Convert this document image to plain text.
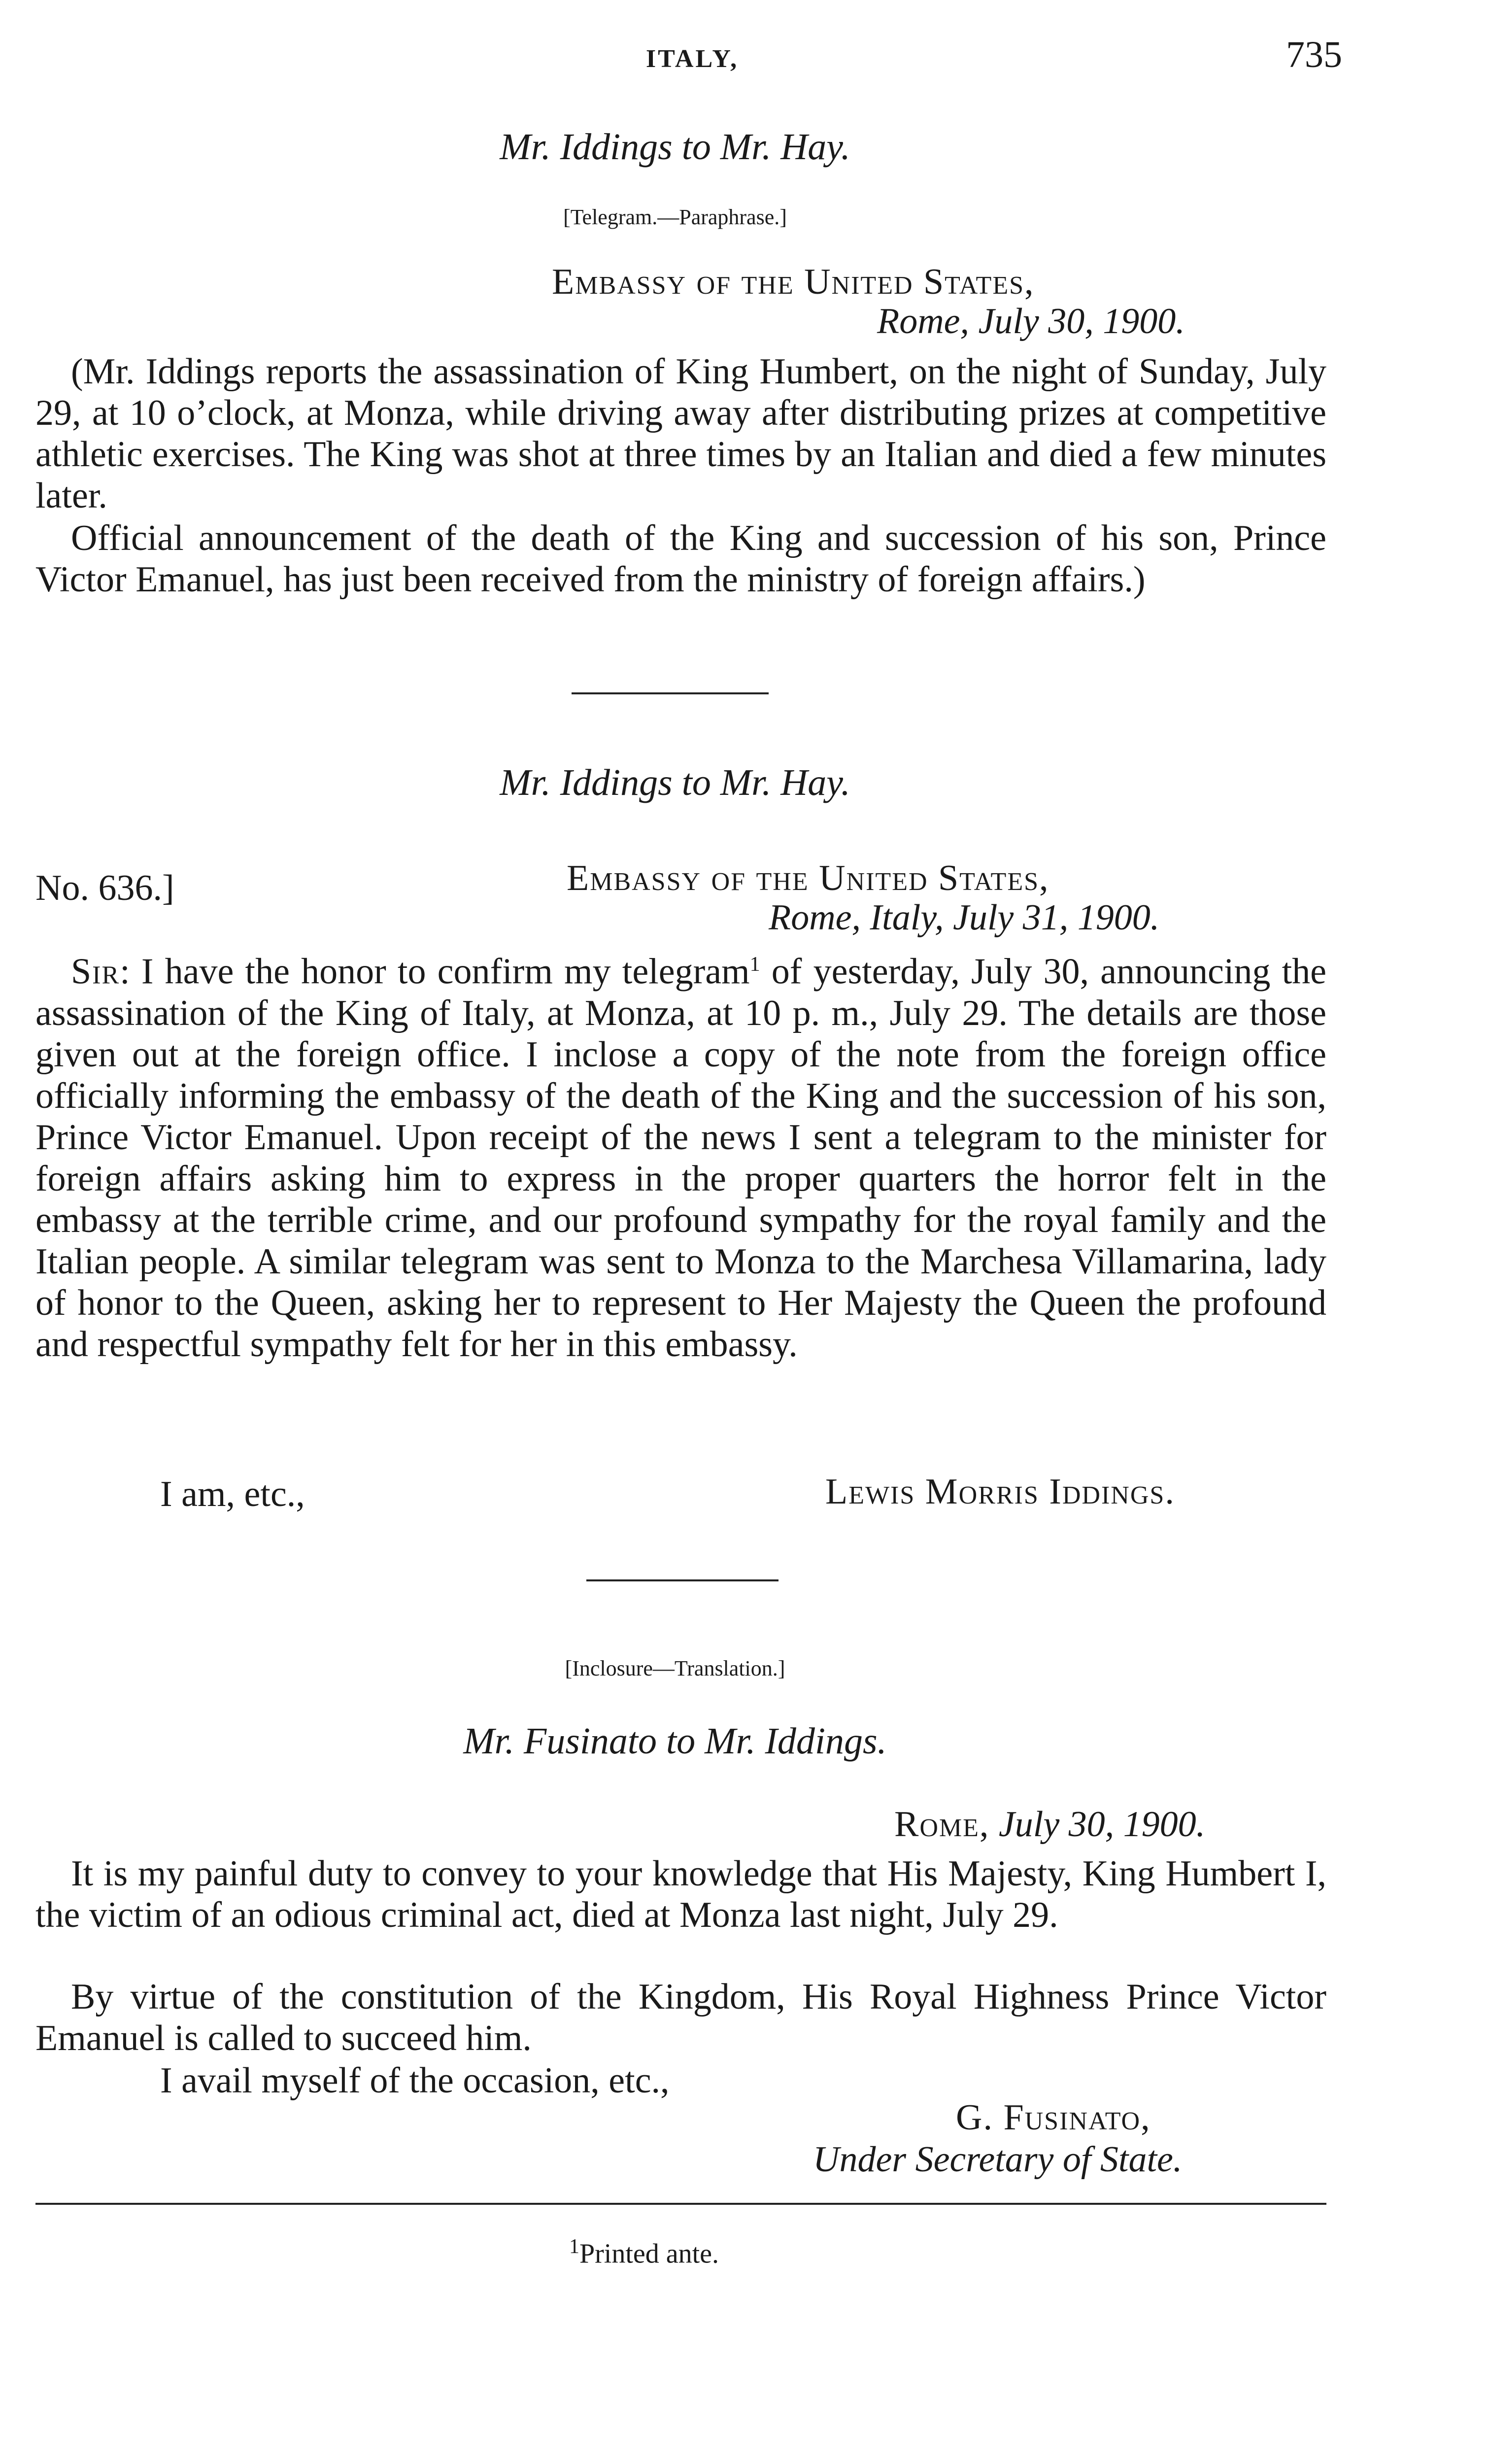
ITALY,	735
Mr. Iddings to Mr. Hay.
[Telegram.—Paraphrase.]
Embassy of the United States,
Rome, July 30, 1900.

(Mr. Iddings reports the assassination of King Humbert, on the night of Sunday, July 29, at 10 o’clock, at Monza, while driving away after distributing prizes at competitive athletic exercises. The King was shot at three times by an Italian and died a few minutes later.

Official announcement of the death of the King and succession of his son, Prince Victor Emanuel, has just been received from the ministry of foreign affairs.)

Mr. Iddings to Mr. Hay.
No. 636.]	Embassy of the United States,
Rome, Italy, July 31, 1900.

Sir: I have the honor to confirm my telegram$^1$ of yesterday, July 30, announcing the assassination of the King of Italy, at Monza, at 10 p. m., July 29. The details are those given out at the foreign office. I inclose a copy of the note from the foreign office officially informing the embassy of the death of the King and the succession of his son, Prince Victor Emanuel. Upon receipt of the news I sent a telegram to the minister for foreign affairs asking him to express in the proper quarters the horror felt in the embassy at the terrible crime, and our profound sympathy for the royal family and the Italian people. A similar telegram was sent to Monza to the Marchesa Villamarina, lady of honor to the Queen, asking her to represent to Her Majesty the Queen the profound and respectful sympathy felt for her in this embassy.

I am, etc.,	Lewis Morris Iddings.
[Inclosure—Translation.]
Mr. Fusinato to Mr. Iddings.
Rome, July 30, 1900.

It is my painful duty to convey to your knowledge that His Majesty, King Humbert I, the victim of an odious criminal act, died at Monza last night, July 29.

By virtue of the constitution of the Kingdom, His Royal Highness Prince Victor Emanuel is called to succeed him.

I avail myself of the occasion, etc.,
G. Fusinato,
Under Secretary of State.
$^1$Printed ante.
